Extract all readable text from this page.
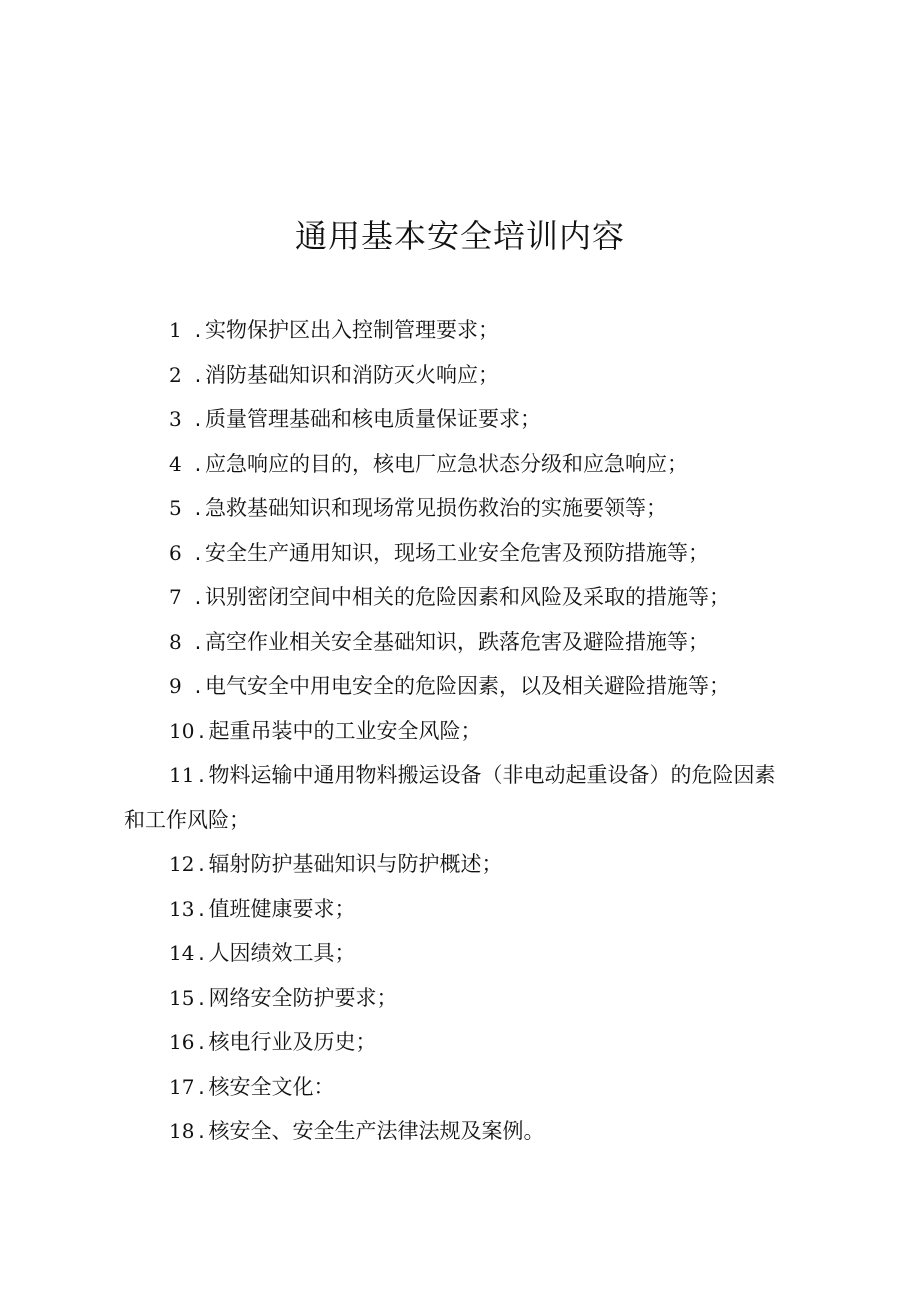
通用基本安全培训内容
1 . 实物保护区出入控制管理要求；
2 . 消防基础知识和消防灭火响应；
3 . 质量管理基础和核电质量保证要求；
4 . 应急响应的目的，核电厂应急状态分级和应急响应；
5 . 急救基础知识和现场常见损伤救治的实施要领等；
6 . 安全生产通用知识，现场工业安全危害及预防措施等；
7 . 识别密闭空间中相关的危险因素和风险及采取的措施等；
8 . 高空作业相关安全基础知识，跌落危害及避险措施等；
9 . 电气安全中用电安全的危险因素，以及相关避险措施等；
10 . 起重吊装中的工业安全风险；
11 . 物料运输中通用物料搬运设备（非电动起重设备）的危险因素和工作风险；
12 . 辐射防护基础知识与防护概述；
13 . 值班健康要求；
14 . 人因绩效工具；
15 . 网络安全防护要求；
16 . 核电行业及历史；
17 . 核安全文化：
18 . 核安全、安全生产法律法规及案例。
